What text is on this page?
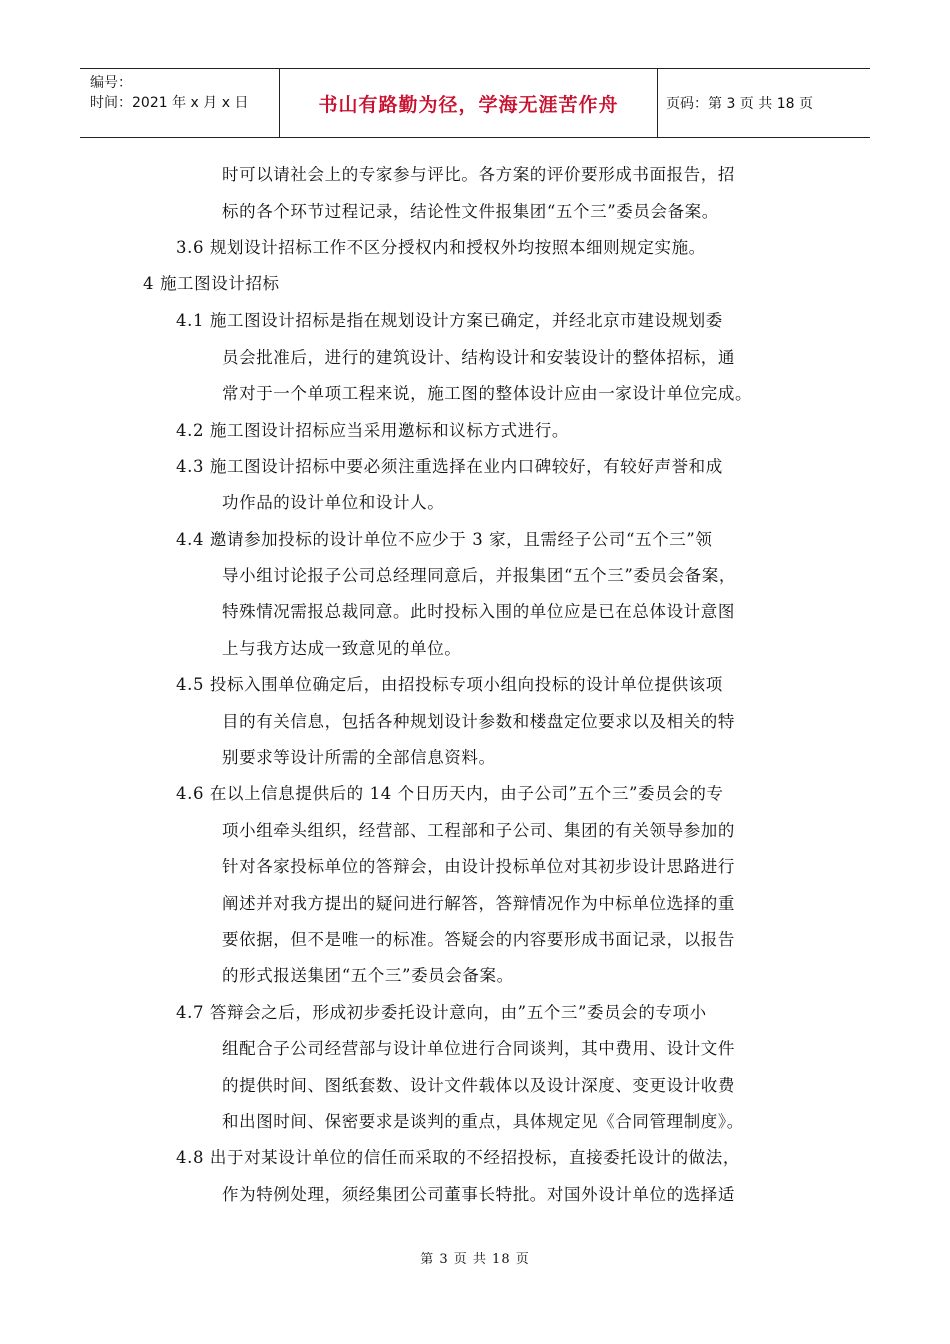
编号：
时间：2021 年 x 月 x 日	书山有路勤为径，学海无涯苦作舟	页码：第 3 页 共 18 页
时可以请社会上的专家参与评比。各方案的评价要形成书面报告，招
标的各个环节过程记录，结论性文件报集团“五个三”委员会备案。
3.6 规划设计招标工作不区分授权内和授权外均按照本细则规定实施。
4 施工图设计招标
4.1 施工图设计招标是指在规划设计方案已确定，并经北京市建设规划委
员会批准后，进行的建筑设计、结构设计和安装设计的整体招标，通
常对于一个单项工程来说，施工图的整体设计应由一家设计单位完成。
4.2 施工图设计招标应当采用邀标和议标方式进行。
4.3 施工图设计招标中要必须注重选择在业内口碑较好，有较好声誉和成
功作品的设计单位和设计人。
4.4 邀请参加投标的设计单位不应少于 3 家，且需经子公司“五个三”领
导小组讨论报子公司总经理同意后，并报集团“五个三”委员会备案，
特殊情况需报总裁同意。此时投标入围的单位应是已在总体设计意图
上与我方达成一致意见的单位。
4.5 投标入围单位确定后，由招投标专项小组向投标的设计单位提供该项
目的有关信息，包括各种规划设计参数和楼盘定位要求以及相关的特
别要求等设计所需的全部信息资料。
4.6 在以上信息提供后的 14 个日历天内，由子公司”五个三”委员会的专
项小组牵头组织，经营部、工程部和子公司、集团的有关领导参加的
针对各家投标单位的答辩会，由设计投标单位对其初步设计思路进行
阐述并对我方提出的疑问进行解答，答辩情况作为中标单位选择的重
要依据，但不是唯一的标准。答疑会的内容要形成书面记录，以报告
的形式报送集团“五个三”委员会备案。
4.7 答辩会之后，形成初步委托设计意向，由”五个三”委员会的专项小
组配合子公司经营部与设计单位进行合同谈判，其中费用、设计文件
的提供时间、图纸套数、设计文件载体以及设计深度、变更设计收费
和出图时间、保密要求是谈判的重点，具体规定见《合同管理制度》。
4.8 出于对某设计单位的信任而采取的不经招投标，直接委托设计的做法，
作为特例处理，须经集团公司董事长特批。对国外设计单位的选择适
第 3 页 共 18 页
